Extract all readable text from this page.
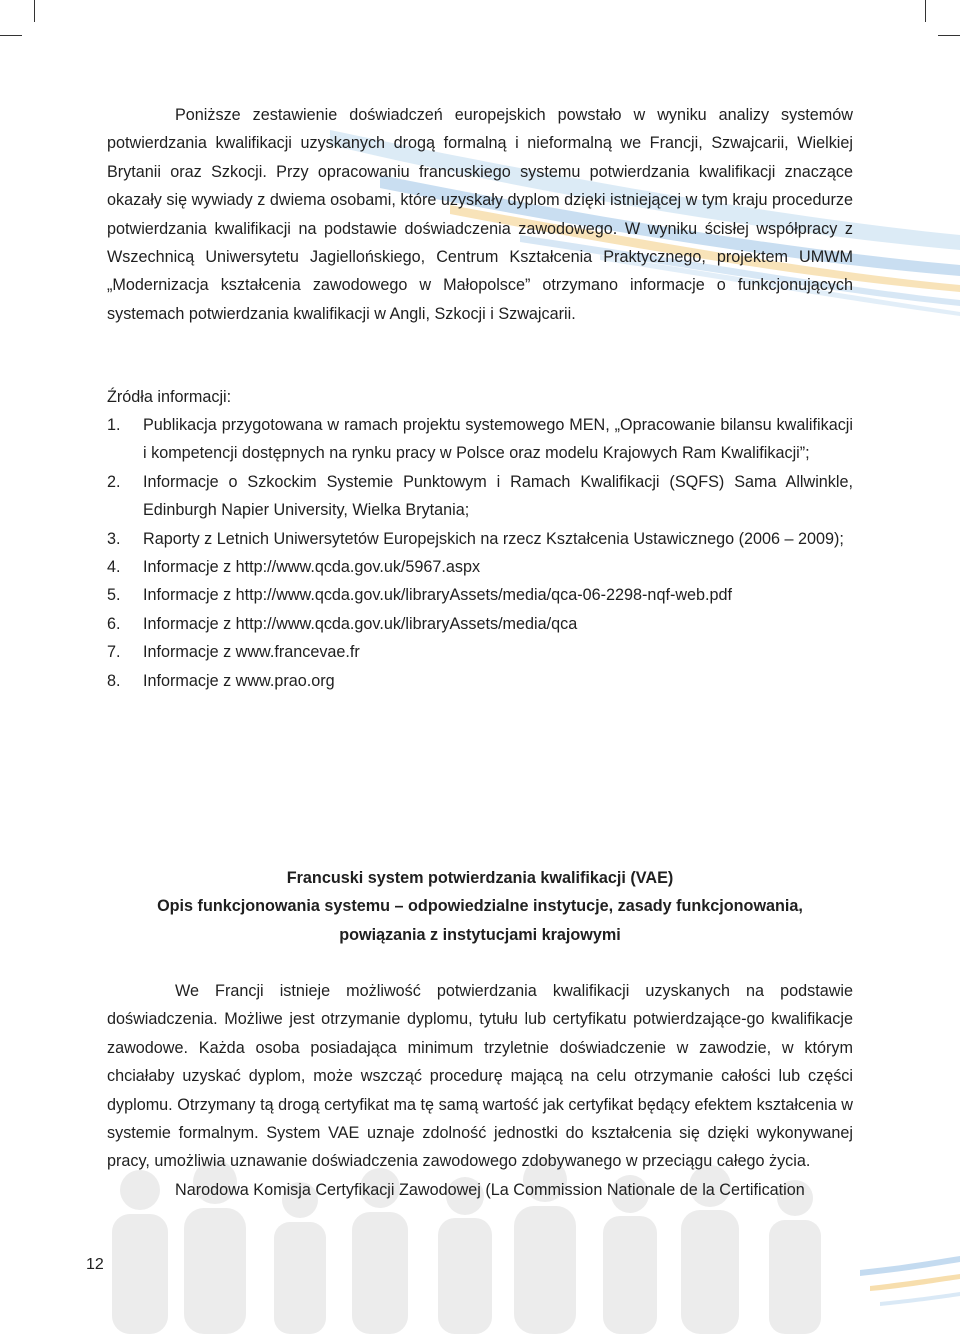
Poniższe zestawienie doświadczeń europejskich powstało w wyniku analizy systemów potwierdzania kwalifikacji uzyskanych drogą formalną i nieformalną we Francji, Szwajcarii, Wielkiej Brytanii oraz Szkocji. Przy opracowaniu francuskiego systemu potwierdzania kwalifikacji znaczące okazały się wywiady z dwiema osobami, które uzyskały dyplom dzięki istniejącej w tym kraju procedurze potwierdzania kwalifikacji na podstawie doświadczenia zawodowego. W wyniku ścisłej współpracy z Wszechnicą Uniwersytetu Jagiellońskiego, Centrum Kształcenia Praktycznego, projektem UMWM „Modernizacja kształcenia zawodowego w Małopolsce” otrzymano informacje o funkcjonujących systemach potwierdzania kwalifikacji w Angli, Szkocji i Szwajcarii.
Źródła informacji:
1. Publikacja przygotowana w ramach projektu systemowego MEN, „Opracowanie bilansu kwalifikacji i kompetencji dostępnych na rynku pracy w Polsce oraz modelu Krajowych Ram Kwalifikacji”;
2. Informacje o Szkockim Systemie Punktowym i Ramach Kwalifikacji (SQFS) Sama Allwinkle, Edinburgh Napier University, Wielka Brytania;
3. Raporty z Letnich Uniwersytetów Europejskich na rzecz Kształcenia Ustawicznego (2006 – 2009);
4. Informacje z http://www.qcda.gov.uk/5967.aspx
5. Informacje z http://www.qcda.gov.uk/libraryAssets/media/qca-06-2298-nqf-web.pdf
6. Informacje z http://www.qcda.gov.uk/libraryAssets/media/qca
7. Informacje z www.francevae.fr
8. Informacje z www.prao.org
Francuski system potwierdzania kwalifikacji (VAE)
Opis funkcjonowania systemu – odpowiedzialne instytucje, zasady funkcjonowania,
powiązania z instytucjami krajowymi
We Francji istnieje możliwość potwierdzania kwalifikacji uzyskanych na podstawie doświadczenia. Możliwe jest otrzymanie dyplomu, tytułu lub certyfikatu potwierdzające-go kwalifikacje zawodowe. Każda osoba posiadająca minimum trzyletnie doświadczenie w zawodzie, w którym chciałaby uzyskać dyplom, może wszcząć procedurę mającą na celu otrzymanie całości lub części dyplomu. Otrzymany tą drogą certyfikat ma tę samą wartość jak certyfikat będący efektem kształcenia w systemie formalnym. System VAE uznaje zdolność jednostki do kształcenia się dzięki wykonywanej pracy, umożliwia uznawanie doświadczenia zawodowego zdobywanego w przeciągu całego życia.
Narodowa Komisja Certyfikacji Zawodowej (La Commission Nationale de la Certification
12
